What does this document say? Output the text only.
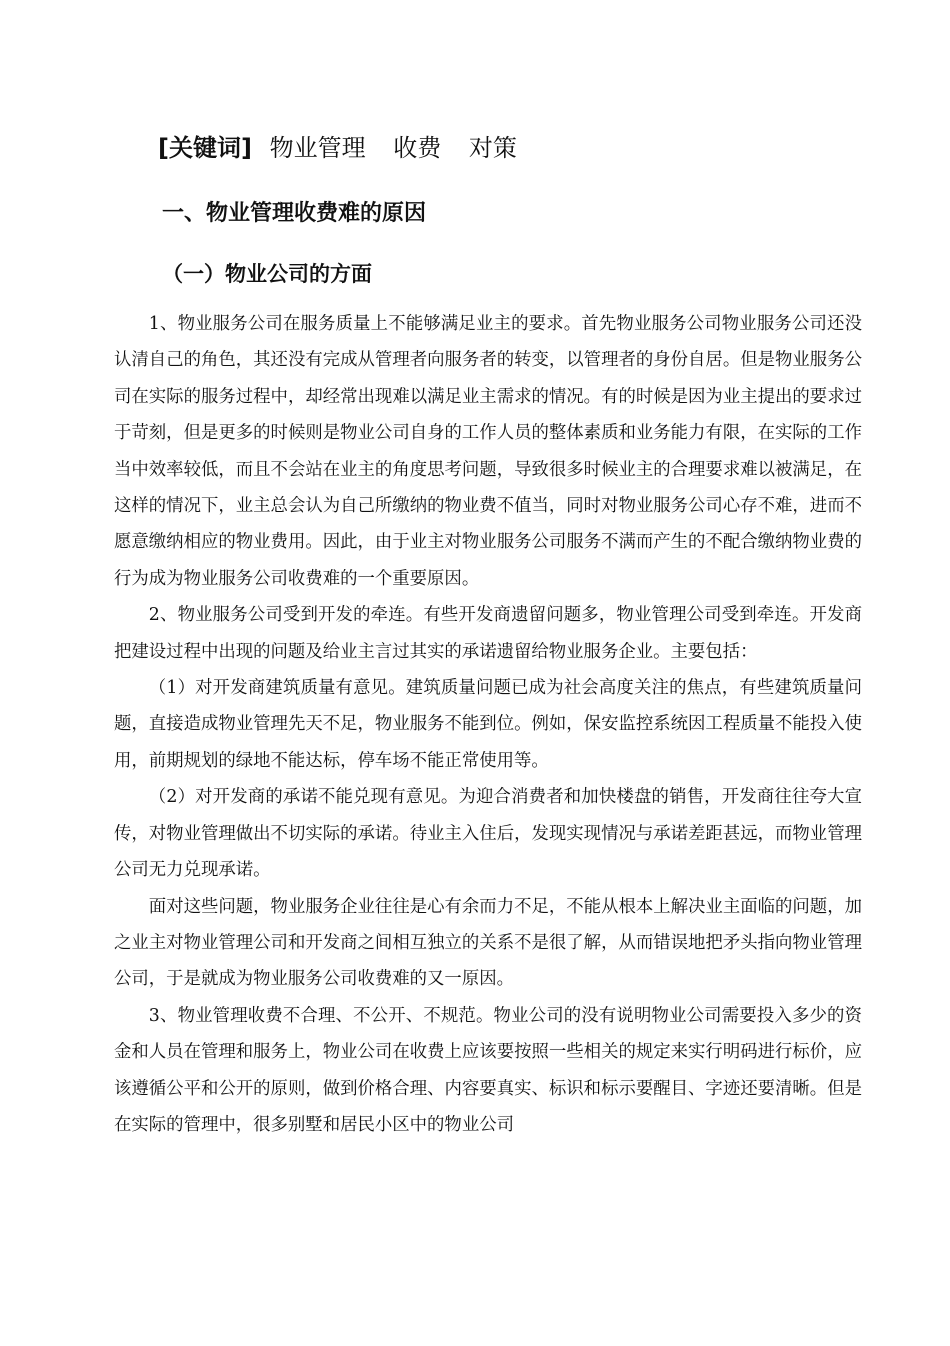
[关键词] 物业管理 收费 对策
一、物业管理收费难的原因
（一）物业公司的方面

1、物业服务公司在服务质量上不能够满足业主的要求。首先物业服务公司物业服务公司还没认清自己的角色，其还没有完成从管理者向服务者的转变，以管理者的身份自居。但是物业服务公司在实际的服务过程中，却经常出现难以满足业主需求的情况。有的时候是因为业主提出的要求过于苛刻，但是更多的时候则是物业公司自身的工作人员的整体素质和业务能力有限，在实际的工作当中效率较低，而且不会站在业主的角度思考问题，导致很多时候业主的合理要求难以被满足，在这样的情况下，业主总会认为自己所缴纳的物业费不值当，同时对物业服务公司心存不难，进而不愿意缴纳相应的物业费用。因此，由于业主对物业服务公司服务不满而产生的不配合缴纳物业费的行为成为物业服务公司收费难的一个重要原因。

2、物业服务公司受到开发的牵连。有些开发商遗留问题多，物业管理公司受到牵连。开发商把建设过程中出现的问题及给业主言过其实的承诺遗留给物业服务企业。主要包括：

（1）对开发商建筑质量有意见。建筑质量问题已成为社会高度关注的焦点，有些建筑质量问题，直接造成物业管理先天不足，物业服务不能到位。例如，保安监控系统因工程质量不能投入使用，前期规划的绿地不能达标，停车场不能正常使用等。

（2）对开发商的承诺不能兑现有意见。为迎合消费者和加快楼盘的销售，开发商往往夸大宣传，对物业管理做出不切实际的承诺。待业主入住后，发现实现情况与承诺差距甚远，而物业管理公司无力兑现承诺。

面对这些问题，物业服务企业往往是心有余而力不足，不能从根本上解决业主面临的问题，加之业主对物业管理公司和开发商之间相互独立的关系不是很了解，从而错误地把矛头指向物业管理公司，于是就成为物业服务公司收费难的又一原因。

3、物业管理收费不合理、不公开、不规范。物业公司的没有说明物业公司需要投入多少的资金和人员在管理和服务上，物业公司在收费上应该要按照一些相关的规定来实行明码进行标价，应该遵循公平和公开的原则，做到价格合理、内容要真实、标识和标示要醒目、字迹还要清晰。但是在实际的管理中，很多别墅和居民小区中的物业公司
